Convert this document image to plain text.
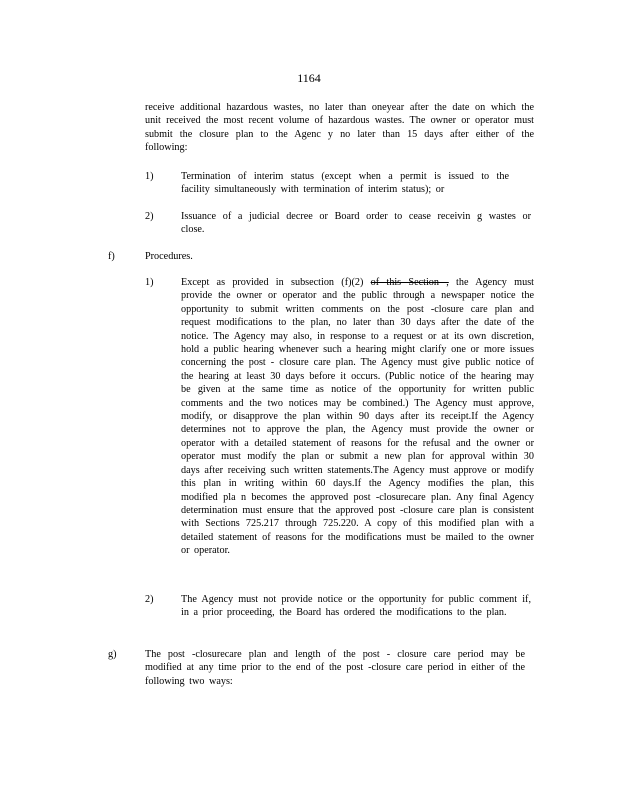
1164
receive additional hazardous wastes, no later than oneyear after the date on which the unit received the most recent volume of hazardous wastes. The owner or operator must submit the closure plan to the Agenc y no later than 15 days after either of the following:
1)	Termination of interim status (except when a permit is issued to the facility simultaneously with termination of interim status); or
2)	Issuance of a judicial decree or Board order to cease receivin g wastes or close.
f)	Procedures.
1)	Except as provided in subsection (f)(2) of this Section , the Agency must provide the owner or operator and the public through a newspaper notice the opportunity to submit written comments on the post -closure care plan and request modifications to the plan, no later than 30 days after the date of the notice. The Agency may also, in response to a request or at its own discretion, hold a public hearing whenever such a hearing might clarify one or more issues concerning the post - closure care plan. The Agency must give public notice of the hearing at least 30 days before it occurs. (Public notice of the hearing may be given at the same time as notice of the opportunity for written public comments and the two notices may be combined.) The Agency must approve, modify, or disapprove the plan within 90 days after its receipt.If the Agency determines not to approve the plan, the Agency must provide the owner or operator with a detailed statement of reasons for the refusal and the owner or operator must modify the plan or submit a new plan for approval within 30 days after receiving such written statements.The Agency must approve or modify this plan in writing within 60 days.If the Agency modifies the plan, this modified pla n becomes the approved post -closurecare plan. Any final Agency determination must ensure that the approved post -closure care plan is consistent with Sections 725.217 through 725.220. A copy of this modified plan with a detailed statement of reasons for the modifications must be mailed to the owner or operator.
2)	The Agency must not provide notice or the opportunity for public comment if, in a prior proceeding, the Board has ordered the modifications to the plan.
g)	The post -closurecare plan and length of the post - closure care period may be modified at any time prior to the end of the post -closure care period in either of the following two ways:
